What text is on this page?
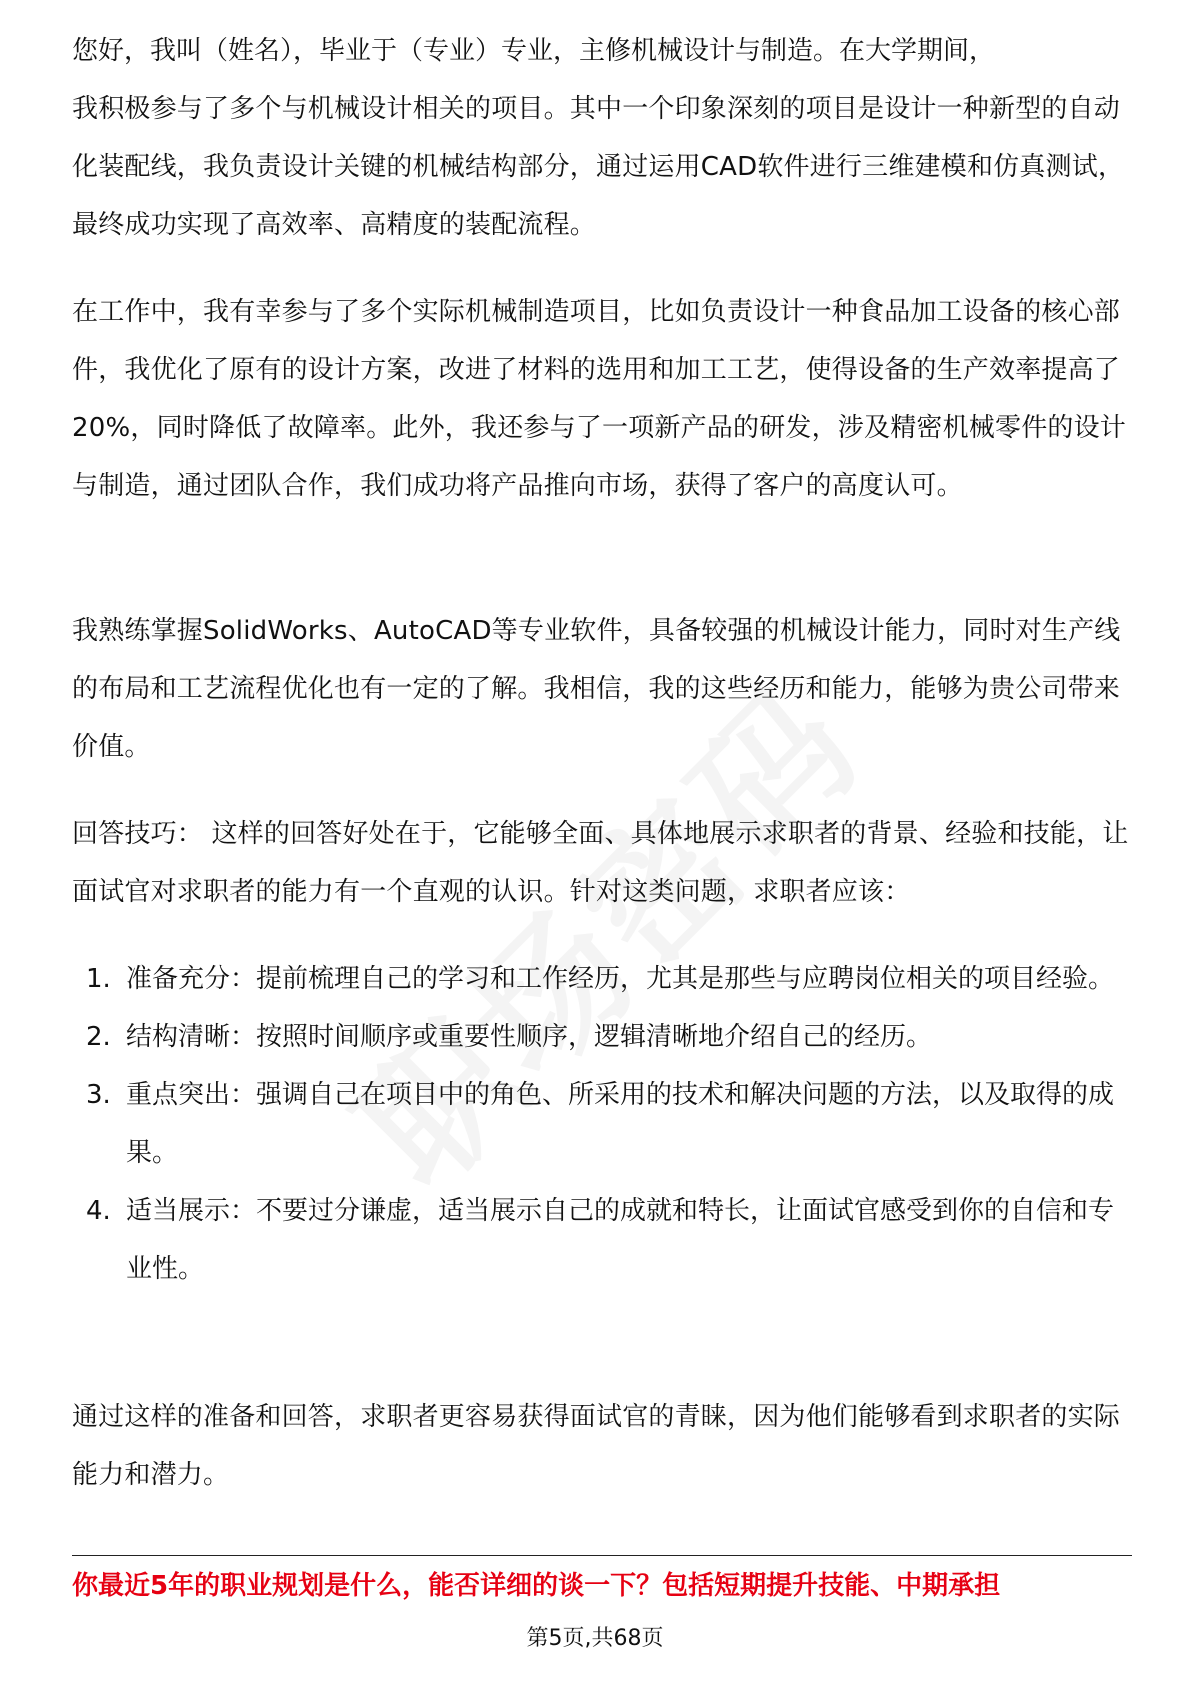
您好，我叫（姓名），毕业于（专业）专业，主修机械设计与制造。在大学期间，

我积极参与了多个与机械设计相关的项目。其中一个印象深刻的项目是设计一种新型的自动化装配线，我负责设计关键的机械结构部分，通过运用CAD软件进行三维建模和仿真测试，最终成功实现了高效率、高精度的装配流程。

在工作中，我有幸参与了多个实际机械制造项目，比如负责设计一种食品加工设备的核心部件，我优化了原有的设计方案，改进了材料的选用和加工工艺，使得设备的生产效率提高了20%，同时降低了故障率。此外，我还参与了一项新产品的研发，涉及精密机械零件的设计与制造，通过团队合作，我们成功将产品推向市场，获得了客户的高度认可。

我熟练掌握SolidWorks、AutoCAD等专业软件，具备较强的机械设计能力，同时对生产线的布局和工艺流程优化也有一定的了解。我相信，我的这些经历和能力，能够为贵公司带来价值。

回答技巧： 这样的回答好处在于，它能够全面、具体地展示求职者的背景、经验和技能，让面试官对求职者的能力有一个直观的认识。针对这类问题，求职者应该：

1. 准备充分：提前梳理自己的学习和工作经历，尤其是那些与应聘岗位相关的项目经验。
2. 结构清晰：按照时间顺序或重要性顺序，逻辑清晰地介绍自己的经历。
3. 重点突出：强调自己在项目中的角色、所采用的技术和解决问题的方法，以及取得的成果。
4. 适当展示：不要过分谦虚，适当展示自己的成就和特长，让面试官感受到你的自信和专业性。

通过这样的准备和回答，求职者更容易获得面试官的青睐，因为他们能够看到求职者的实际能力和潜力。

你最近5年的职业规划是什么，能否详细的谈一下？包括短期提升技能、中期承担

第5页,共68页
